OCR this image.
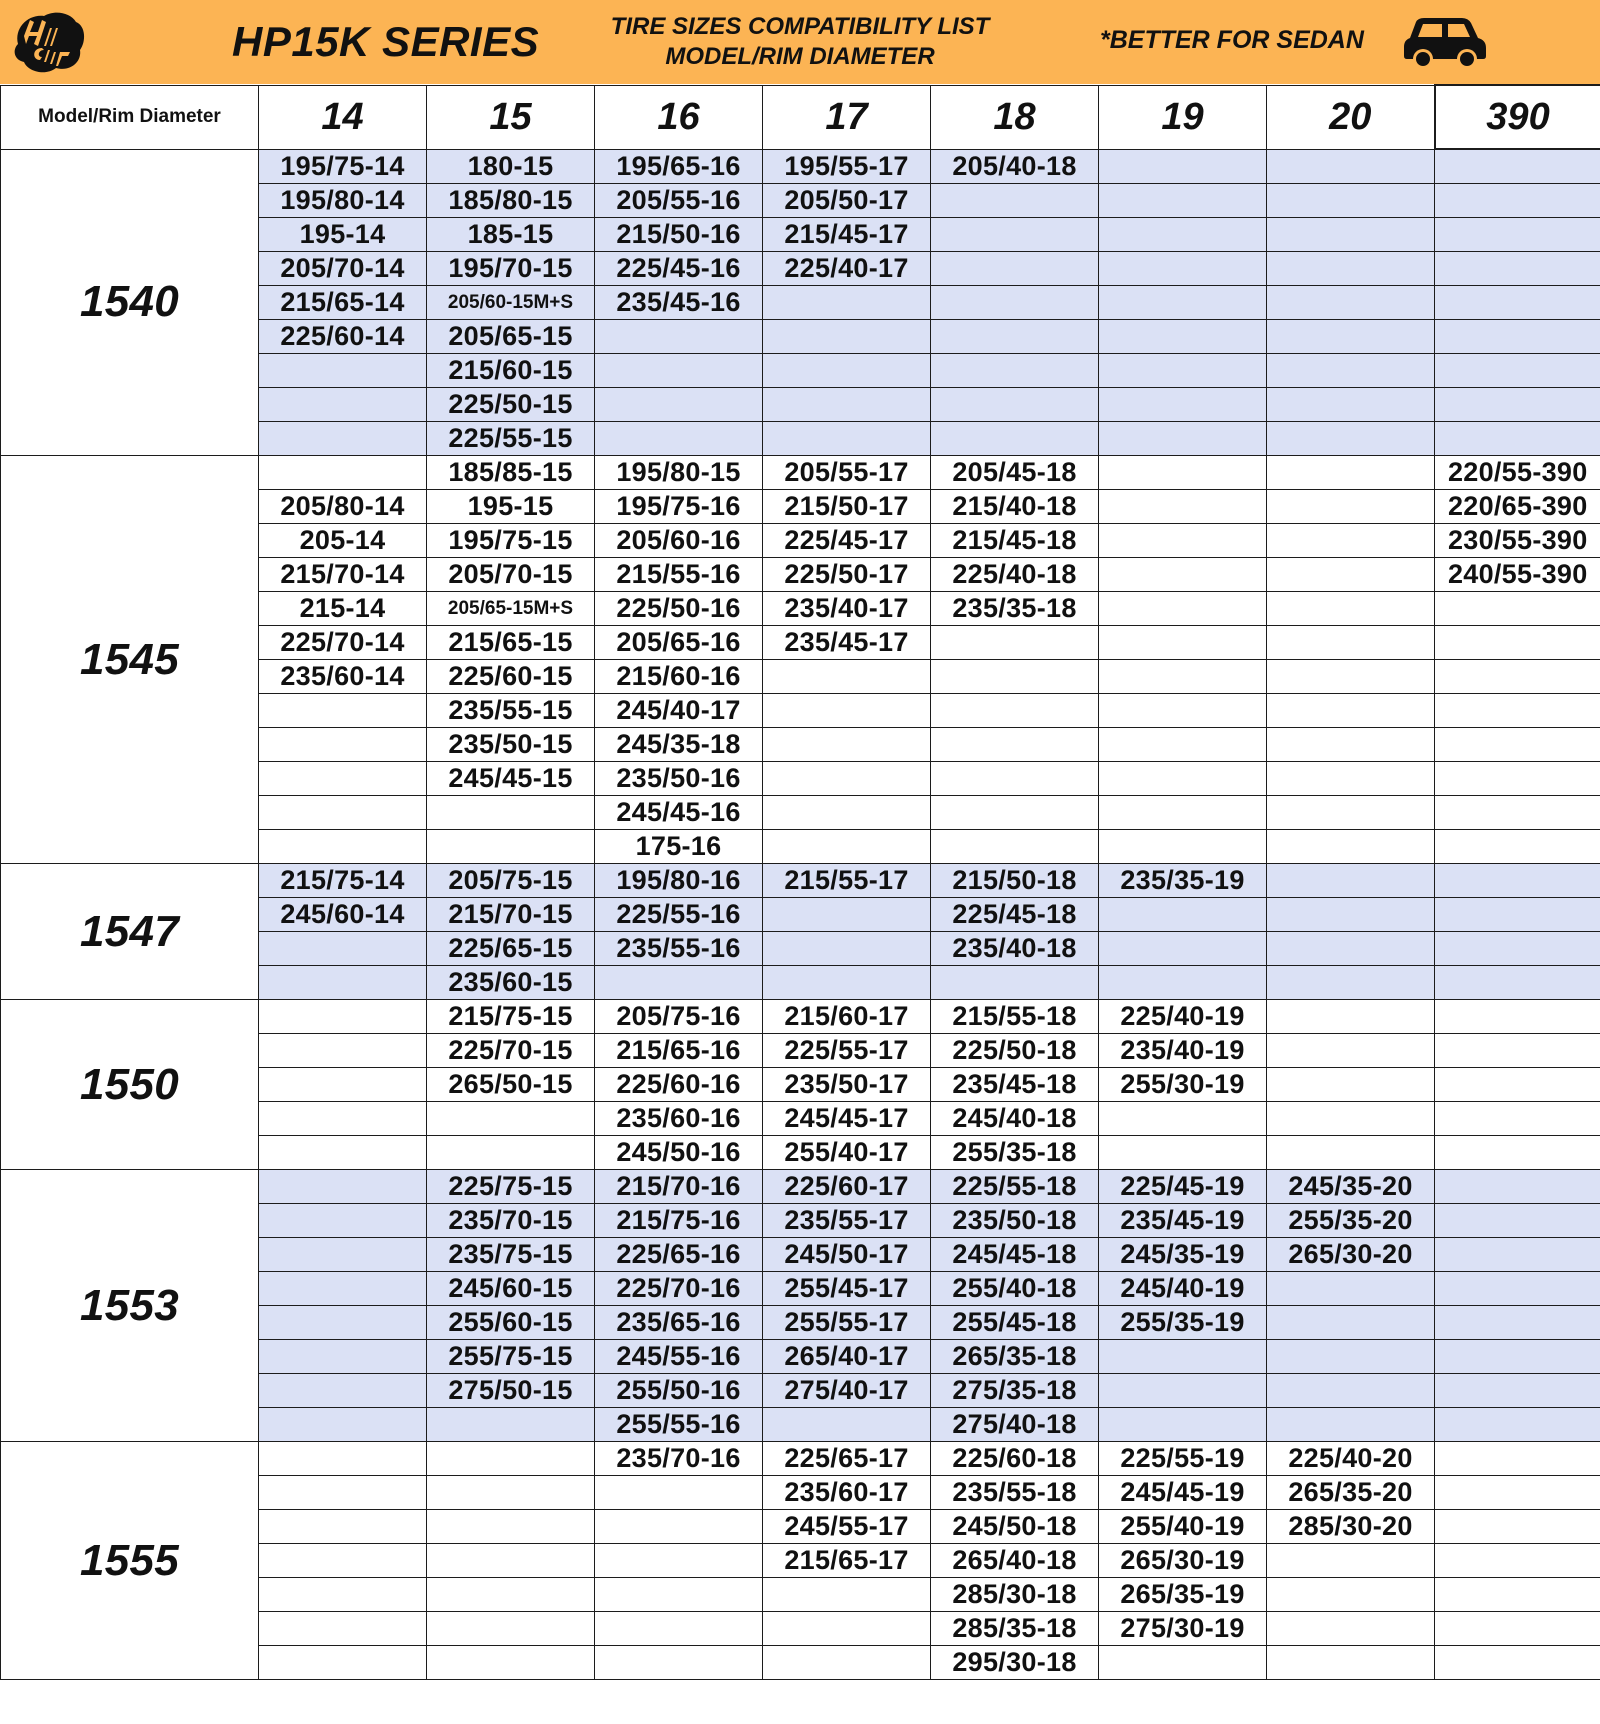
HP15K SERIES	TIRE SIZES COMPATIBILITY LIST
MODEL/RIM DIAMETER
*BETTER FOR SEDAN
Model/Rim Diameter	14	15	16	17	18	19	20	390
1540	195/75-14	180-15	195/65-16	195/55-17	205/40-18			
	195/80-14	185/80-15	205/55-16	205/50-17				
	195-14	185-15	215/50-16	215/45-17				
	205/70-14	195/70-15	225/45-16	225/40-17				
	215/65-14	205/60-15M+S	235/45-16					
	225/60-14	205/65-15						
		215/60-15						
		225/50-15						
		225/55-15						
1545		185/85-15	195/80-15	205/55-17	205/45-18			220/55-390
	205/80-14	195-15	195/75-16	215/50-17	215/40-18			220/65-390
	205-14	195/75-15	205/60-16	225/45-17	215/45-18			230/55-390
	215/70-14	205/70-15	215/55-16	225/50-17	225/40-18			240/55-390
	215-14	205/65-15M+S	225/50-16	235/40-17	235/35-18			
	225/70-14	215/65-15	205/65-16	235/45-17				
	235/60-14	225/60-15	215/60-16					
		235/55-15	245/40-17					
		235/50-15	245/35-18					
		245/45-15	235/50-16					
			245/45-16					
			175-16					
1547	215/75-14	205/75-15	195/80-16	215/55-17	215/50-18	235/35-19		
	245/60-14	215/70-15	225/55-16		225/45-18			
		225/65-15	235/55-16		235/40-18			
		235/60-15						
1550		215/75-15	205/75-16	215/60-17	215/55-18	225/40-19		
		225/70-15	215/65-16	225/55-17	225/50-18	235/40-19		
		265/50-15	225/60-16	235/50-17	235/45-18	255/30-19		
			235/60-16	245/45-17	245/40-18			
			245/50-16	255/40-17	255/35-18			
1553		225/75-15	215/70-16	225/60-17	225/55-18	225/45-19	245/35-20	
		235/70-15	215/75-16	235/55-17	235/50-18	235/45-19	255/35-20	
		235/75-15	225/65-16	245/50-17	245/45-18	245/35-19	265/30-20	
		245/60-15	225/70-16	255/45-17	255/40-18	245/40-19		
		255/60-15	235/65-16	255/55-17	255/45-18	255/35-19		
		255/75-15	245/55-16	265/40-17	265/35-18			
		275/50-15	255/50-16	275/40-17	275/35-18			
			255/55-16		275/40-18			
1555			235/70-16	225/65-17	225/60-18	225/55-19	225/40-20	
				235/60-17	235/55-18	245/45-19	265/35-20	
				245/55-17	245/50-18	255/40-19	285/30-20	
				215/65-17	265/40-18	265/30-19		
					285/30-18	265/35-19		
					285/35-18	275/30-19		
					295/30-18			
